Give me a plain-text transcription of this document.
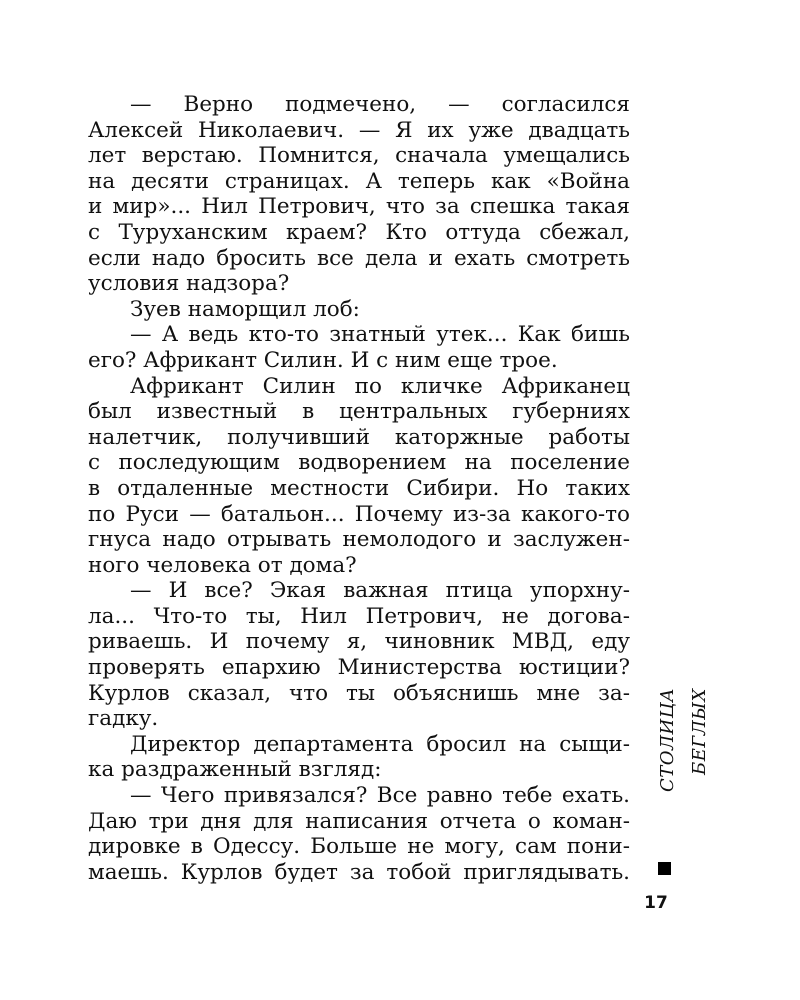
— Верно подмечено, — согласился
Алексей Николаевич. — Я их уже двадцать
лет верстаю. Помнится, сначала умещались
на десяти страницах. А теперь как «Война
и мир»... Нил Петрович, что за спешка такая
с Туруханским краем? Кто оттуда сбежал,
если надо бросить все дела и ехать смотреть
условия надзора?
Зуев наморщил лоб:
— А ведь кто-то знатный утек... Как бишь
его? Африкант Силин. И с ним еще трое.
Африкант Силин по кличке Африканец
был известный в центральных губерниях
налетчик, получивший каторжные работы
с последующим водворением на поселение
в отдаленные местности Сибири. Но таких
по Руси — батальон... Почему из-за какого-то
гнуса надо отрывать немолодого и заслужен-
ного человека от дома?
— И все? Экая важная птица упорхну-
ла... Что-то ты, Нил Петрович, не догова-
риваешь. И почему я, чиновник МВД, еду
проверять епархию Министерства юстиции?
Курлов сказал, что ты объяснишь мне за-
гадку.
Директор департамента бросил на сыщи-
ка раздраженный взгляд:
— Чего привязался? Все равно тебе ехать.
Даю три дня для написания отчета о коман-
дировке в Одессу. Больше не могу, сам пони-
маешь. Курлов будет за тобой приглядывать.
СТОЛИЦА БЕГЛЫХ
17
